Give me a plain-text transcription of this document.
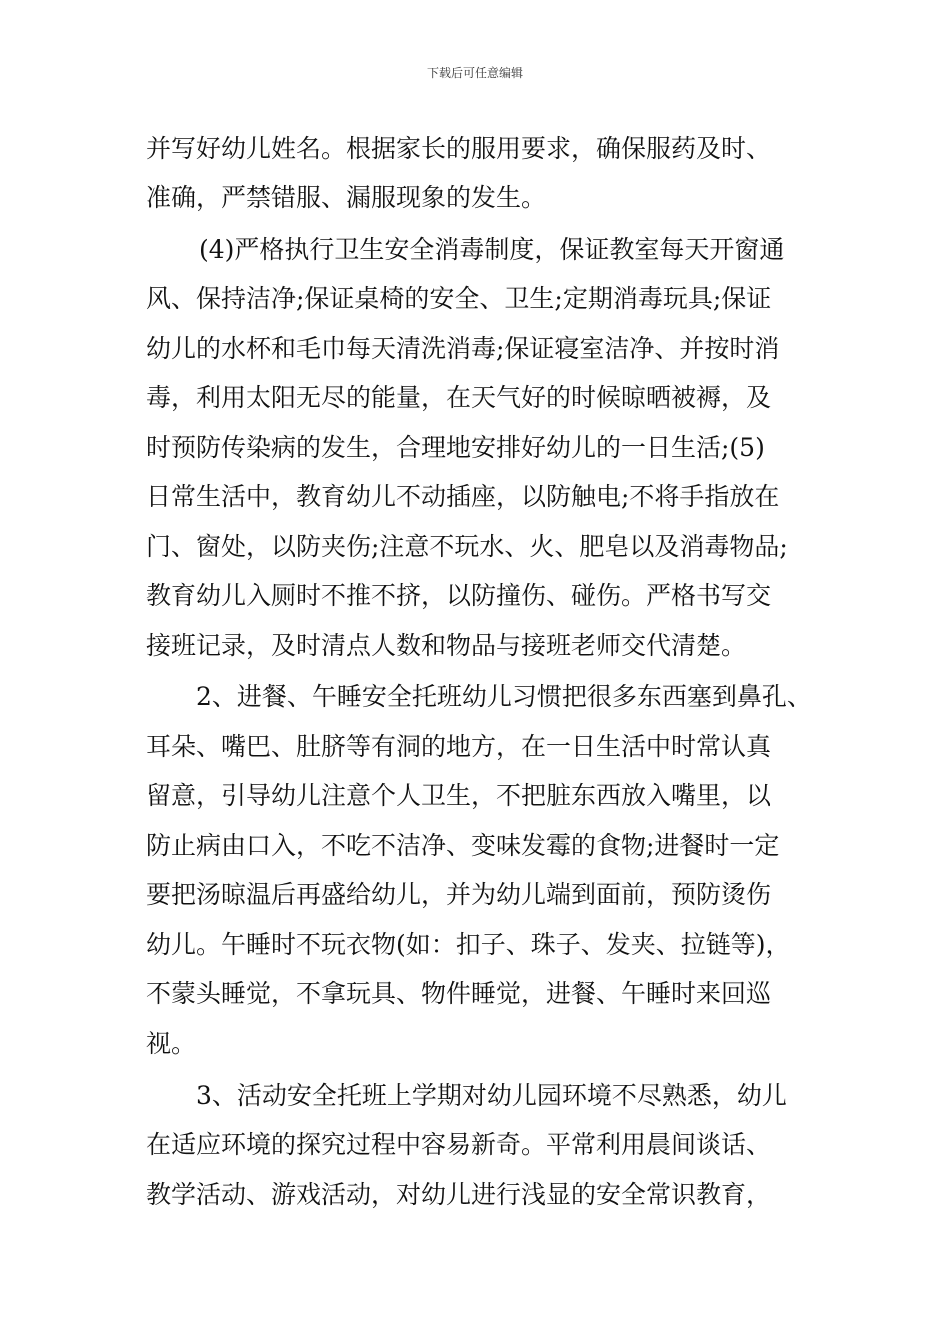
下载后可任意编辑
并写好幼儿姓名。根据家长的服用要求，确保服药及时、
准确，严禁错服、漏服现象的发生。
(4)严格执行卫生安全消毒制度，保证教室每天开窗通
风、保持洁净;保证桌椅的安全、卫生;定期消毒玩具;保证
幼儿的水杯和毛巾每天清洗消毒;保证寝室洁净、并按时消
毒，利用太阳无尽的能量，在天气好的时候晾晒被褥，及
时预防传染病的发生，合理地安排好幼儿的一日生活;(5)
日常生活中，教育幼儿不动插座，以防触电;不将手指放在
门、窗处，以防夹伤;注意不玩水、火、肥皂以及消毒物品;
教育幼儿入厕时不推不挤，以防撞伤、碰伤。严格书写交
接班记录，及时清点人数和物品与接班老师交代清楚。
2、进餐、午睡安全托班幼儿习惯把很多东西塞到鼻孔、
耳朵、嘴巴、肚脐等有洞的地方，在一日生活中时常认真
留意，引导幼儿注意个人卫生，不把脏东西放入嘴里，以
防止病由口入，不吃不洁净、变味发霉的食物;进餐时一定
要把汤晾温后再盛给幼儿，并为幼儿端到面前，预防烫伤
幼儿。午睡时不玩衣物(如：扣子、珠子、发夹、拉链等)，
不蒙头睡觉，不拿玩具、物件睡觉，进餐、午睡时来回巡
视。
3、活动安全托班上学期对幼儿园环境不尽熟悉，幼儿
在适应环境的探究过程中容易新奇。平常利用晨间谈话、
教学活动、游戏活动，对幼儿进行浅显的安全常识教育，
